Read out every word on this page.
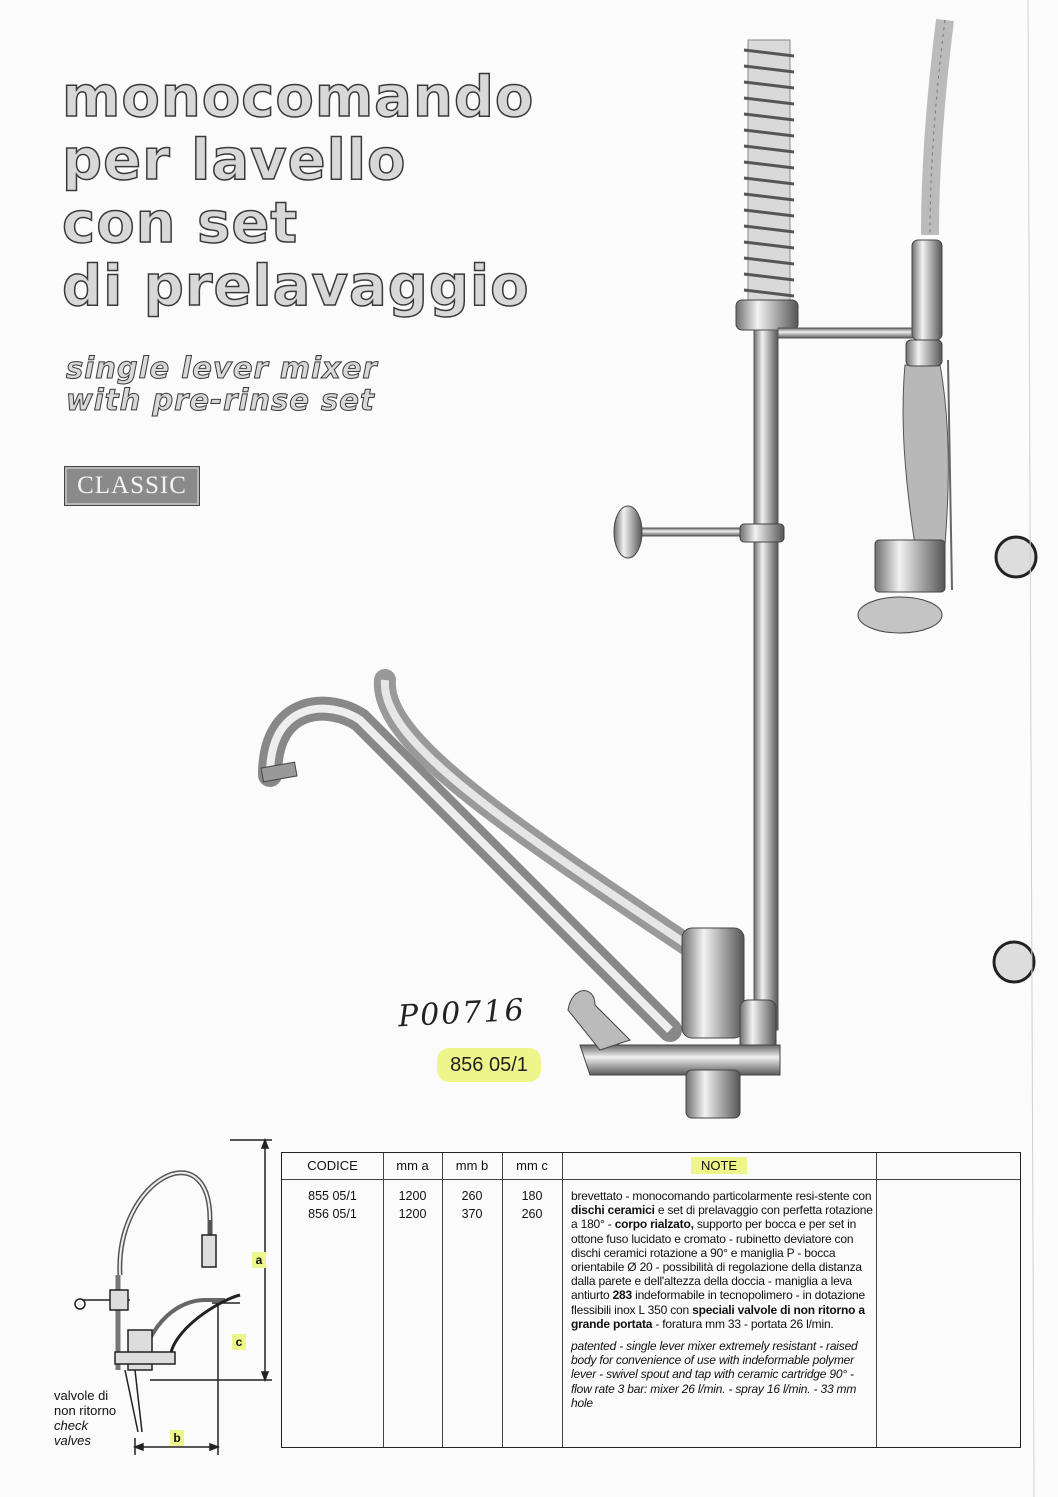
monocomando
per lavello
con set
di prelavaggio
single lever mixer
with pre-rinse set
CLASSIC
P00716
856 05/1
a
c
b
valvole di
non ritorno
check
valves
CODICE	mm a	mm b	mm c	NOTE
855 05/1	1200	260	180
856 05/1	1200	370	260

brevettato - monocomando particolarmente resi-stente con dischi ceramici e set di prelavaggio con perfetta rotazione a 180° - corpo rialzato, supporto per bocca e per set in ottone fuso lucidato e cromato - rubinetto deviatore con dischi ceramici rotazione a 90° e maniglia P - bocca orientabile Ø 20 - possibilità di regolazione della distanza dalla parete e dell'altezza della doccia - maniglia a leva antiurto 283 indeformabile in tecnopolimero - in dotazione flessibili inox L 350 con speciali valvole di non ritorno a grande portata - foratura mm 33 - portata 26 l/min.

patented - single lever mixer extremely resistant - raised body for convenience of use with indeformable polymer lever - swivel spout and tap with ceramic cartridge 90° - flow rate 3 bar: mixer 26 l/min. - spray 16 l/min. - 33 mm hole
